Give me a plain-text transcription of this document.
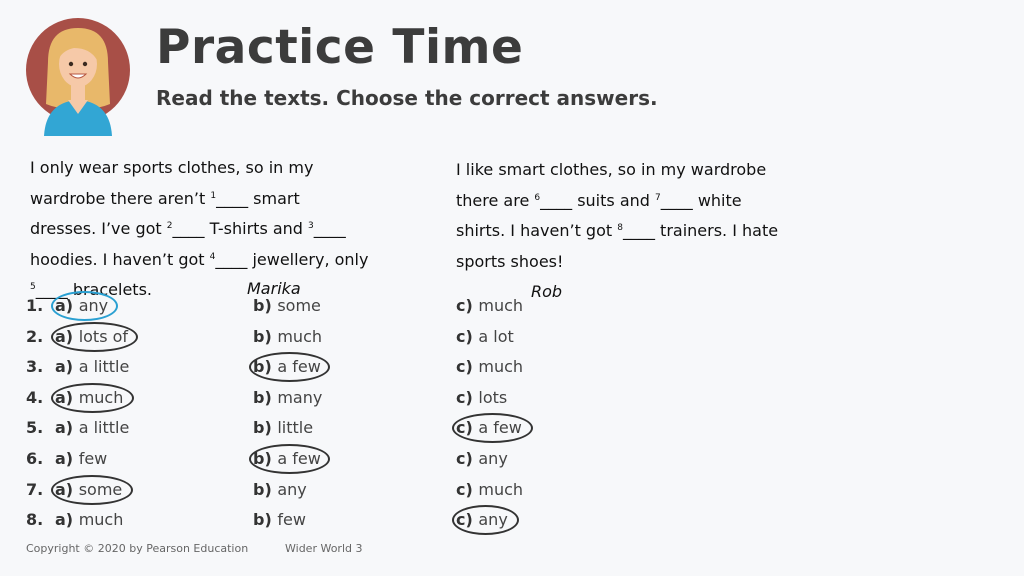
Practice Time
Read the texts. Choose the correct answers.
I only wear sports clothes, so in my
wardrobe there aren’t $^1$____ smart
dresses. I’ve got $^2$____ T-shirts and $^3$____
hoodies. I haven’t got $^4$____ jewellery, only
$^5$____ bracelets.
I like smart clothes, so in my wardrobe
there are $^6$____ suits and $^7$____ white
shirts. I haven’t got $^8$____ trainers. I hate
sports shoes!
Marika	Rob
1. a) any	b) some	c) much
2. a) lots of	b) much	c) a lot
3. a) a little	b) a few	c) much
4. a) much	b) many	c) lots
5. a) a little	b) little	c) a few
6. a) few	b) a few	c) any
7. a) some	b) any	c) much
8. a) much	b) few	c) any
Copyright © 2020 by Pearson Education	Wider World 3
